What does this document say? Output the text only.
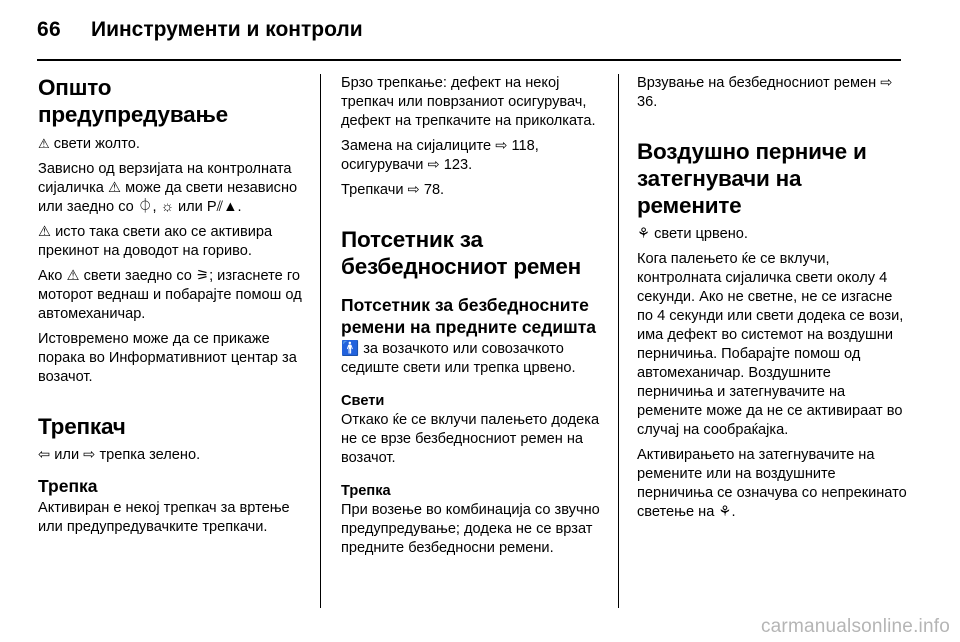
66 Иинструменти и контроли
Општо предупредување

⚠ свети жолто.

Зависно од верзијата на контролната сијаличка ⚠ може да свети независно или заедно со ⏀, ☼ или Р⫽▲.

⚠ исто така свети ако се активира прекинот на доводот на гориво.

Ако ⚠ свети заедно со ⚞; изгаснете го моторот веднаш и побарајте помош од автомеханичар.

Истовремено може да се прикаже порака во Информативниот центар за возачот.

Трепкач

⇦ или ⇨ трепка зелено.

Трепка

Активиран е некој трепкач за вртење или предупредувачките трепкачи.

Брзо трепкање: дефект на некој трепкач или поврзаниот осигурувач, дефект на трепкачите на приколката.

Замена на сијалиците ⇨ 118, осигурувачи ⇨ 123.

Трепкачи ⇨ 78.

Потсетник за безбедносниот ремен
Потсетник за безбедносните ремени на предните седишта

🚹 за возачкото или совозачкото седиште свети или трепка црвено.

Свети

Откако ќе се вклучи палењето додека не се врзе безбедносниот ремен на возачот.

Трепка

При возење во комбинација со звучно предупредување; додека не се врзат предните безбедносни ремени.

Врзување на безбедносниот ремен ⇨ 36.

Воздушно перниче и затегнувачи на ремените

⚘ свети црвено.

Кога палењето ќе се вклучи, контролната сијаличка свети околу 4 секунди. Ако не светне, не се изгасне по 4 секунди или свети додека се вози, има дефект во системот на воздушни перничиња. Побарајте помош од автомеханичар. Воздушните перничиња и затегнувачите на ремените може да не се активираат во случај на сообраќајка.

Активирањето на затегнувачите на ремените или на воздушните перничиња се означува со непрекинато светење на ⚘.

carmanualsonline.info
